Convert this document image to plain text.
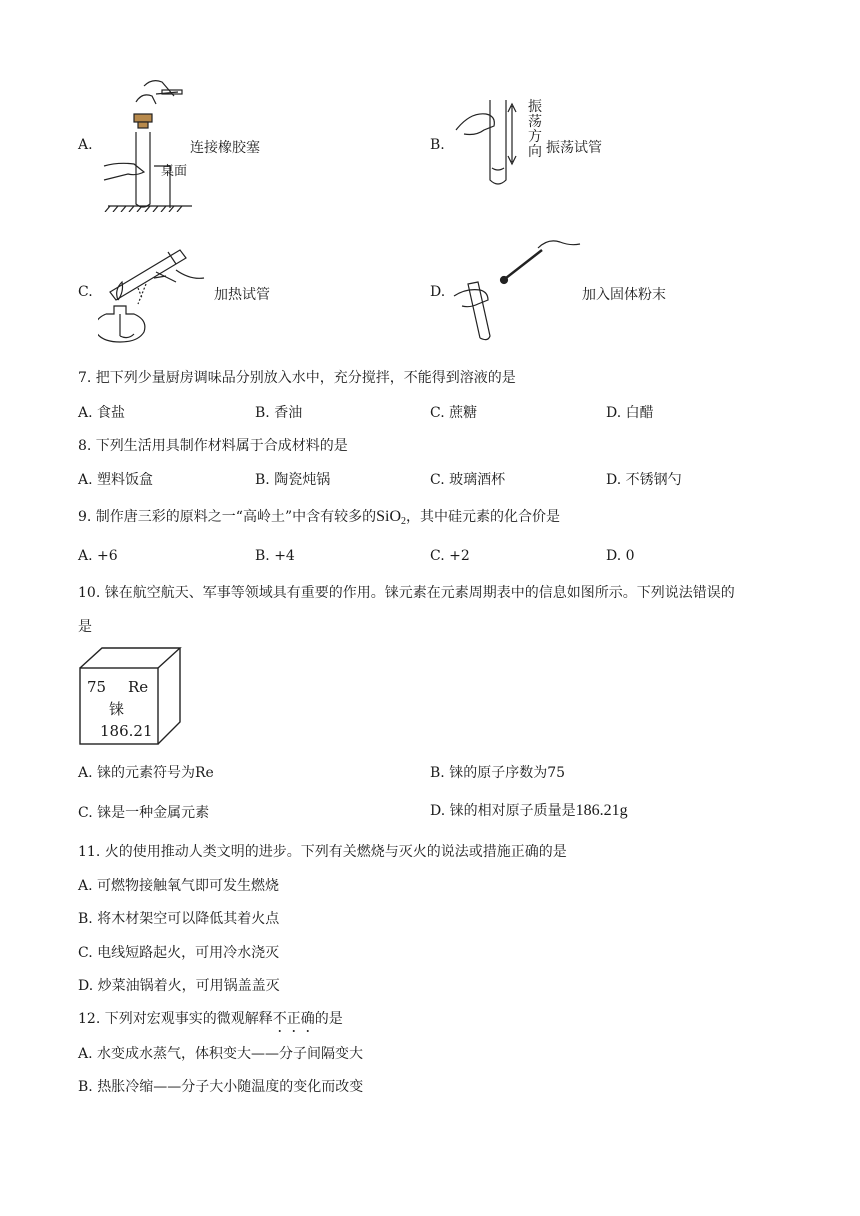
A.
桌面
连接橡胶塞	B.
振荡方向 振荡试管
C.	加热试管	D.	加入固体粉末
7. 把下列少量厨房调味品分别放入水中，充分搅拌，不能得到溶液的是
A. 食盐	B. 香油	C. 蔗糖	D. 白醋
8. 下列生活用具制作材料属于合成材料的是
A. 塑料饭盒	B. 陶瓷炖锅	C. 玻璃酒杯	D. 不锈钢勺
9. 制作唐三彩的原料之一“高岭土”中含有较多的SiO$_2$，其中硅元素的化合价是
A. +6	B. +4	C. +2	D. 0
10. 铼在航空航天、军事等领域具有重要的作用。铼元素在元素周期表中的信息如图所示。下列说法错误的
是
75 Re
铼
186.21
A. 铼的元素符号为Re	B. 铼的原子序数为75
C. 铼是一种金属元素	D. 铼的相对原子质量是186.21g
11. 火的使用推动人类文明的进步。下列有关燃烧与灭火的说法或措施正确的是
A. 可燃物接触氧气即可发生燃烧
B. 将木材架空可以降低其着火点
C. 电线短路起火，可用冷水浇灭
D. 炒菜油锅着火，可用锅盖盖灭
12. 下列对宏观事实的微观解释不正确的是
A. 水变成水蒸气，体积变大——分子间隔变大
B. 热胀冷缩——分子大小随温度的变化而改变
